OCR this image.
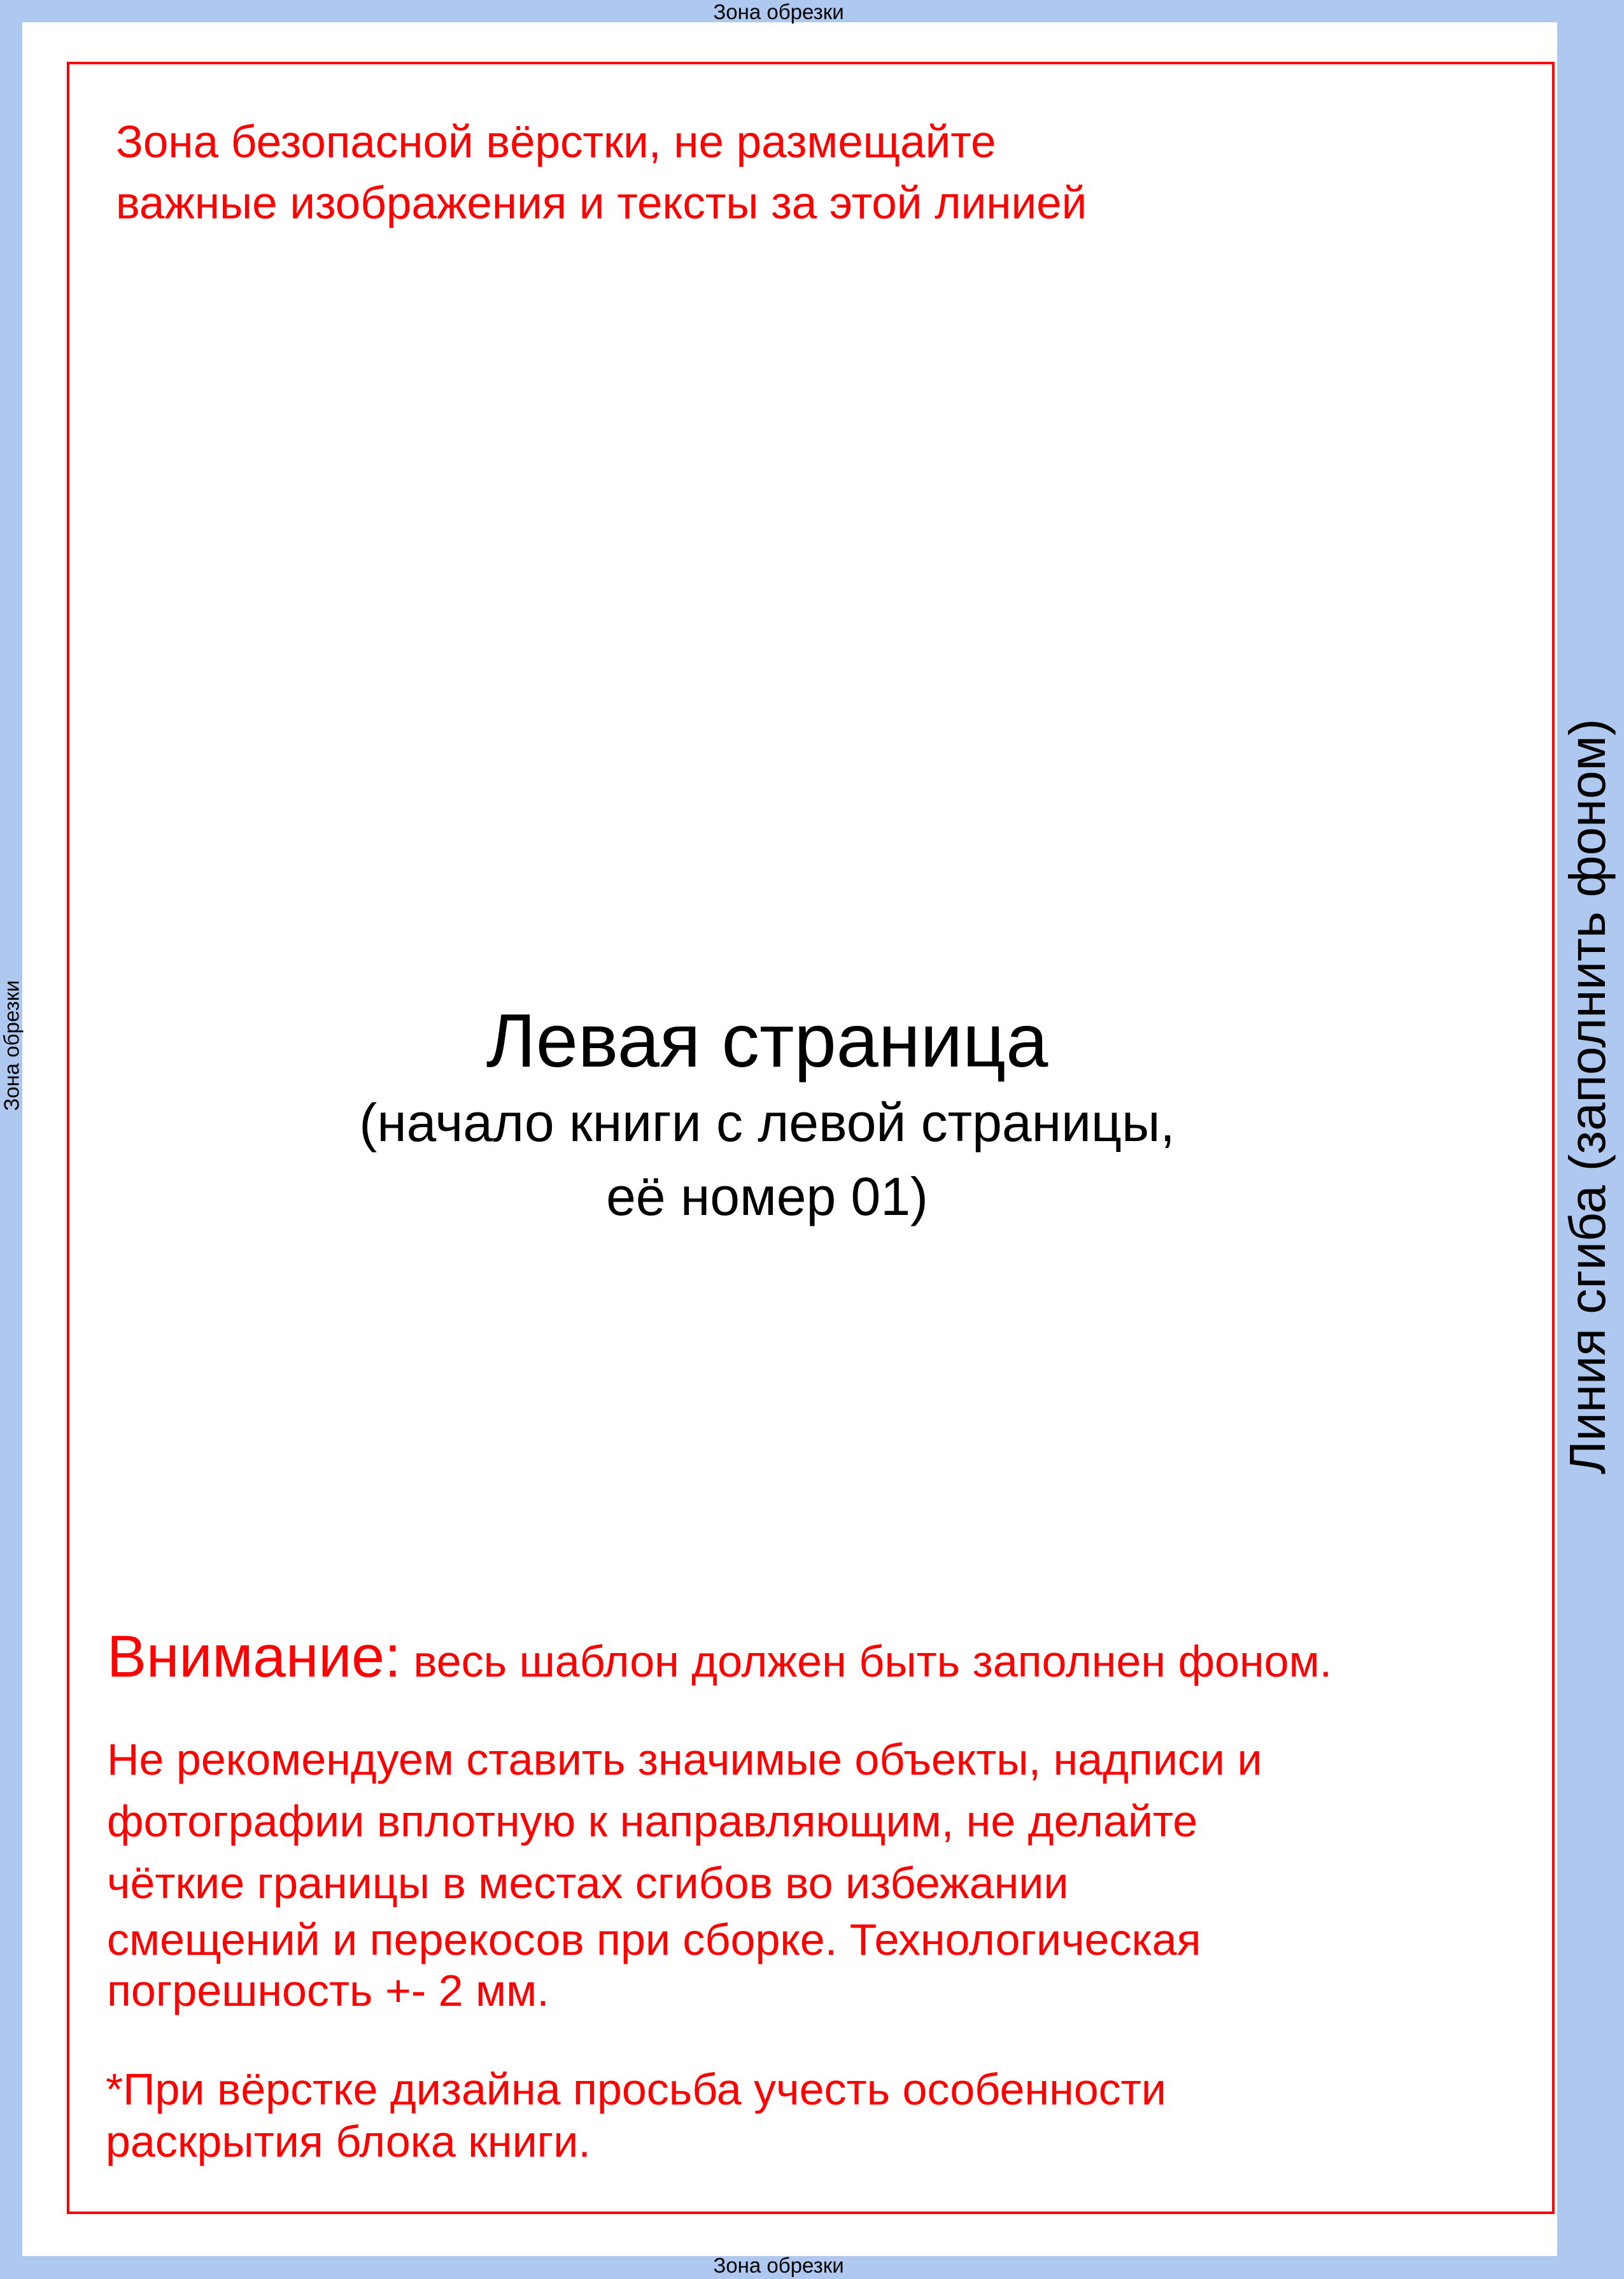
Зона обрезки
Зона обрезки
Зона обрезки
Зона безопасной вёрстки, не размещайте
важные изображения и тексты за этой линией
Левая страница
(начало книги с левой страницы,
её номер 01)	Линия сгиба (заполнить фоном)
Внимание: весь шаблон должен быть заполнен фоном.
Не рекомендуем ставить значимые объекты, надписи и
фотографии вплотную к направляющим, не делайте
чёткие границы в местах сгибов во избежании
смещений и перекосов при сборке. Технологическая
погрешность +- 2 мм.
*При вёрстке дизайна просьба учесть особенности
раскрытия блока книги.
